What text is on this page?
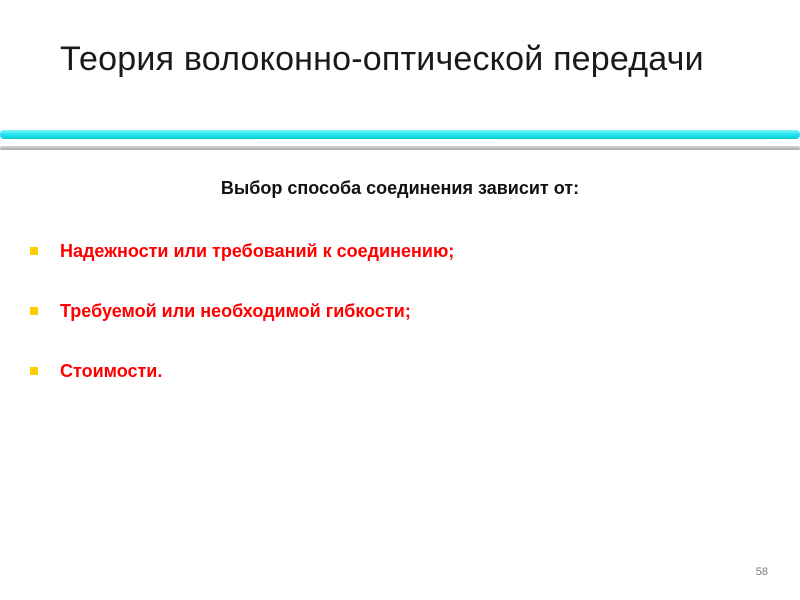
Теория волоконно-оптической передачи
Выбор способа соединения зависит от:
Надежности или требований к соединению;
Требуемой или необходимой гибкости;
Стоимости.
58
